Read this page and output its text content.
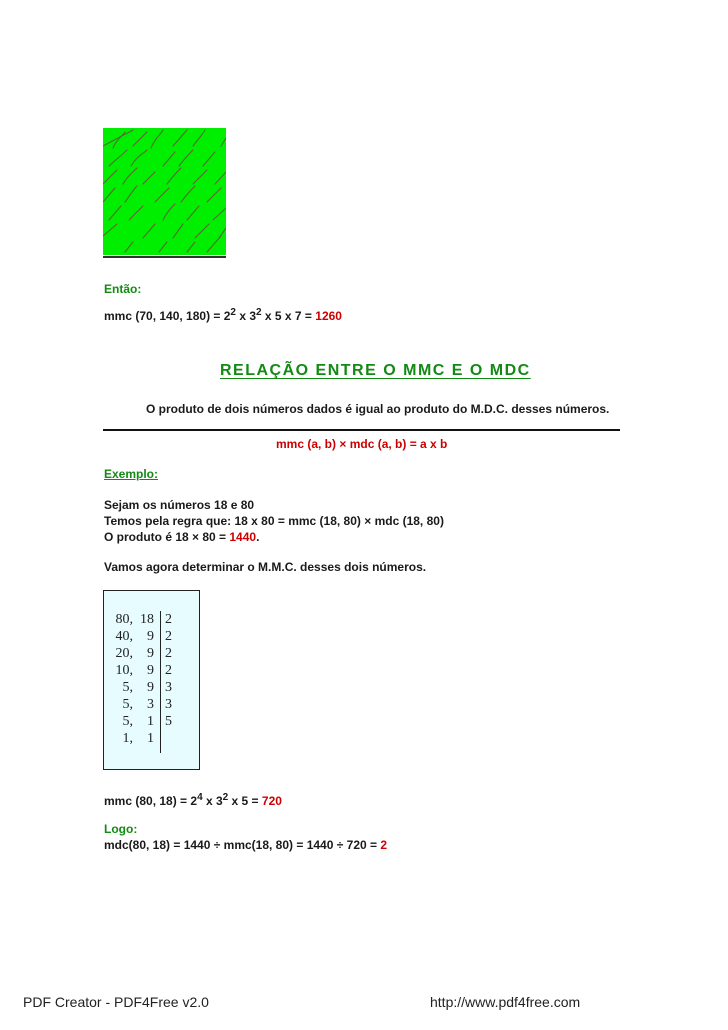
Então:
mmc (70, 140, $180) = 2^2$ x $3^2$ x 5 x 7 = 1260
RELAÇÃO ENTRE O MMC E O MDC
O produto de dois números dados é igual ao produto do M.D.C. desses números.
mmc (a, b) × mdc (a, b) = a x b
Exemplo:
Sejam os números 18 e 80
Temos pela regra que: 18 x 80 = mmc (18, 80) × mdc (18, 80)
O produto é 18 × 80 = 1440.
Vamos agora determinar o M.M.C. desses dois números.
80,  18 2
40,    9 2
20,    9 2
10,    9 2
5,    9 3
5,    3 3
5,    1 5
1,    1
mmc (80, $18) = 2^4$ x $3^2$ x 5 = 720
Logo:
mdc(80, 18) = 1440 ÷ mmc(18, 80) = 1440 ÷ 720 = 2
PDF Creator - PDF4Free v2.0	http://www.pdf4free.com
